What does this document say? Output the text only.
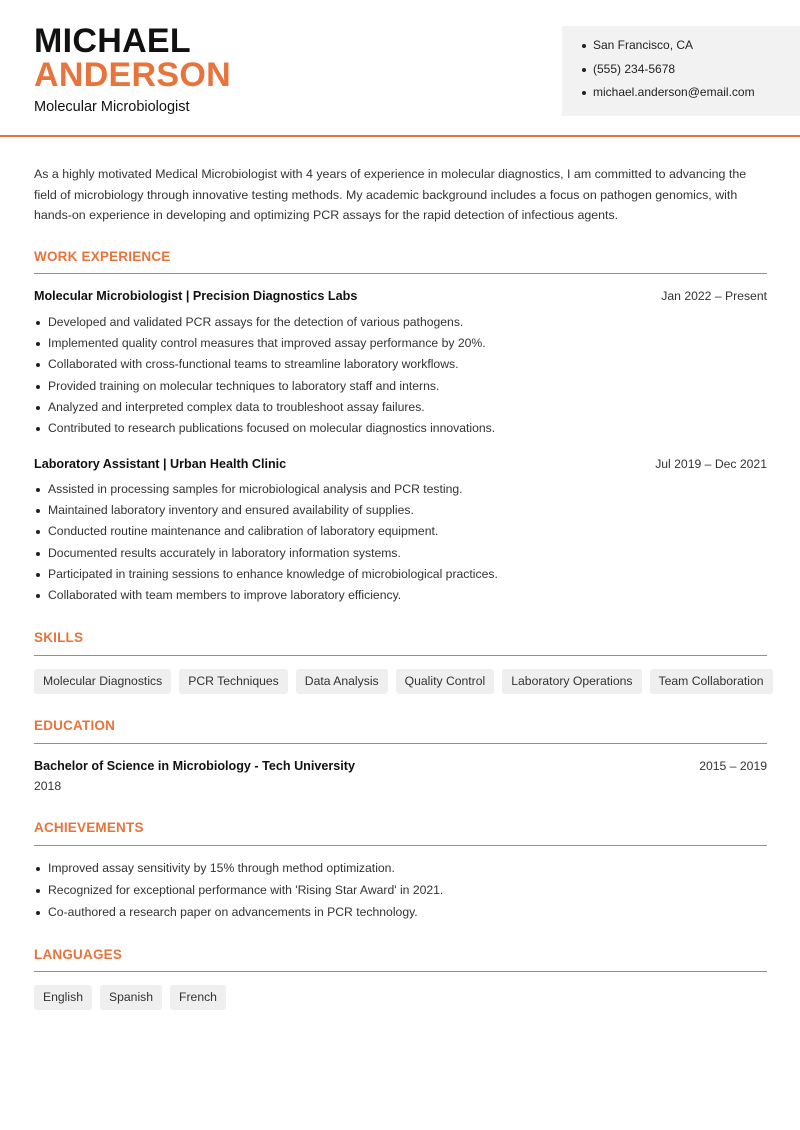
MICHAEL
ANDERSON
Molecular Microbiologist
San Francisco, CA
(555) 234-5678
michael.anderson@email.com
As a highly motivated Medical Microbiologist with 4 years of experience in molecular diagnostics, I am committed to advancing the field of microbiology through innovative testing methods. My academic background includes a focus on pathogen genomics, with hands-on experience in developing and optimizing PCR assays for the rapid detection of infectious agents.
WORK EXPERIENCE
Molecular Microbiologist | Precision Diagnostics Labs	Jan 2022 – Present
Developed and validated PCR assays for the detection of various pathogens.
Implemented quality control measures that improved assay performance by 20%.
Collaborated with cross-functional teams to streamline laboratory workflows.
Provided training on molecular techniques to laboratory staff and interns.
Analyzed and interpreted complex data to troubleshoot assay failures.
Contributed to research publications focused on molecular diagnostics innovations.
Laboratory Assistant | Urban Health Clinic	Jul 2019 – Dec 2021
Assisted in processing samples for microbiological analysis and PCR testing.
Maintained laboratory inventory and ensured availability of supplies.
Conducted routine maintenance and calibration of laboratory equipment.
Documented results accurately in laboratory information systems.
Participated in training sessions to enhance knowledge of microbiological practices.
Collaborated with team members to improve laboratory efficiency.
SKILLS
Molecular Diagnostics	PCR Techniques	Data Analysis	Quality Control	Laboratory Operations	Team Collaboration
EDUCATION
Bachelor of Science in Microbiology - Tech University	2015 – 2019
2018
ACHIEVEMENTS
Improved assay sensitivity by 15% through method optimization.
Recognized for exceptional performance with 'Rising Star Award' in 2021.
Co-authored a research paper on advancements in PCR technology.
LANGUAGES
English	Spanish	French
